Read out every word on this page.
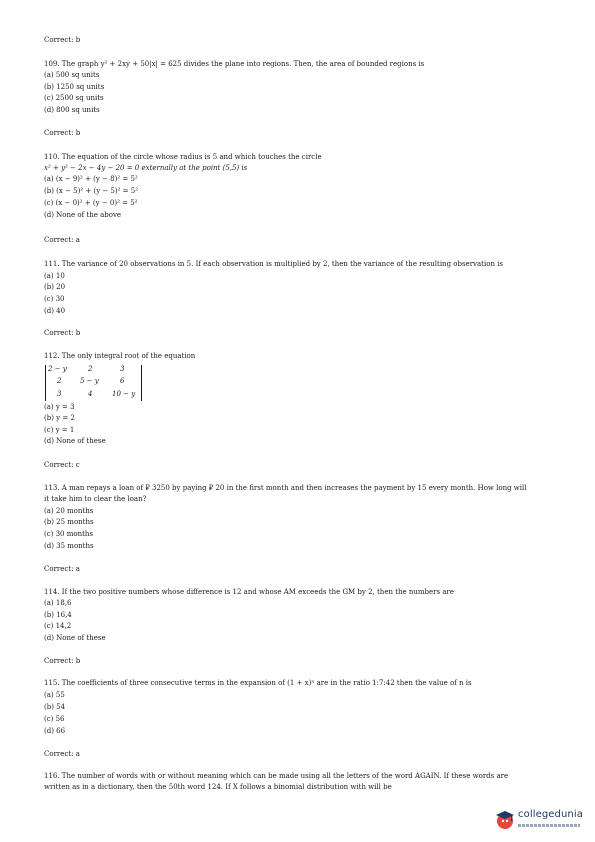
Correct: b
109. The graph y² + 2xy + 50|x| = 625 divides the plane into regions. Then, the area of bounded regions is
(a) 500 sq units
(b) 1250 sq units
(c) 2500 sq units
(d) 800 sq units
Correct: b
110. The equation of the circle whose radius is 5 and which touches the circle
x² + y² − 2x − 4y − 20 = 0 externally at the point (5,5) is
(a) (x − 9)² + (y − 8)² = 5²
(b) (x − 5)² + (y − 5)² = 5²
(c) (x − 0)² + (y − 0)² = 5²
(d) None of the above
Correct: a
111. The variance of 20 observations in 5. If each observation is multiplied by 2, then the variance of the resulting observation is
(a) 10
(b) 20
(c) 30
(d) 40
Correct: b
112. The only integral root of the equation
2 − y	2	3
2	5 − y	6
3	4	10 − y
(a) y = 3
(b) y = 2
(c) y = 1
(d) None of these
Correct: c
113. A man repays a loan of ₽ 3250 by paying ₽ 20 in the first month and then increases the payment by 15 every month. How long will
it take him to clear the loan?
(a) 20 months
(b) 25 months
(c) 30 months
(d) 35 months
Correct: a
114. If the two positive numbers whose difference is 12 and whose AM exceeds the GM by 2, then the numbers are
(a) 18,6
(b) 16,4
(c) 14,2
(d) None of these
Correct: b
115. The coefficients of three consecutive terms in the expansion of (1 + x)ⁿ are in the ratio 1:7:42 then the value of n is
(a) 55
(b) 54
(c) 56
(d) 66
Correct: a
116. The number of words with or without meaning which can be made using all the letters of the word AGAIN. If these words are
written as in a dictionary, then the 50th word 124. If X follows a binomial distribution with will be
collegedunia
